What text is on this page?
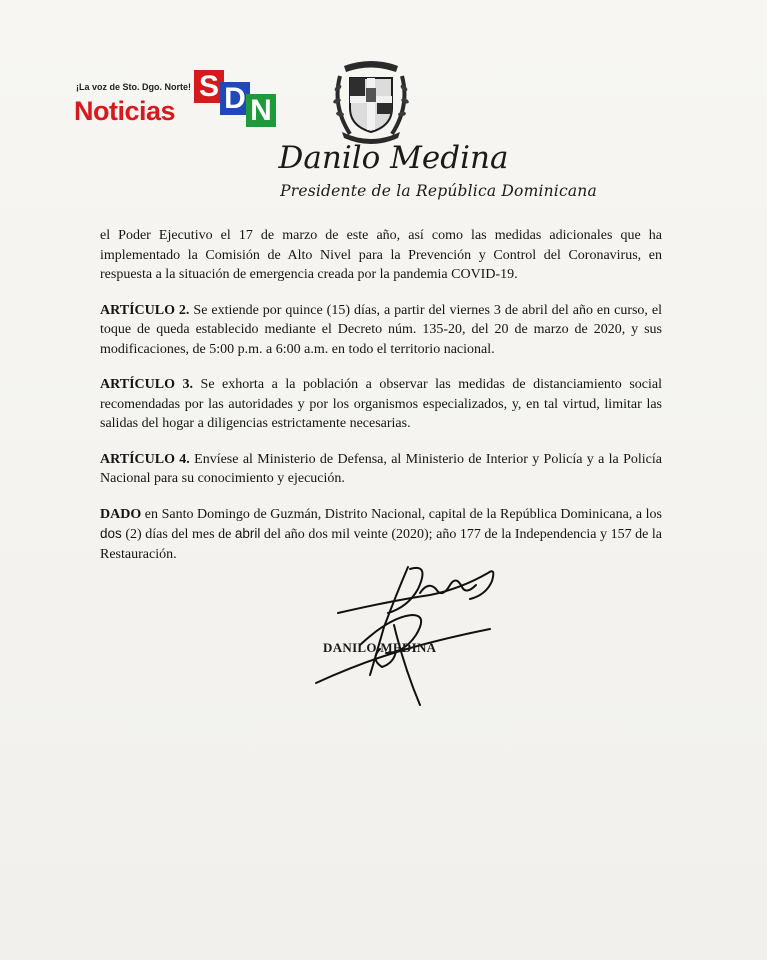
S D N
¡La voz de Sto. Dgo. Norte!
Noticias
Danilo Medina
Presidente de la República Dominicana

el Poder Ejecutivo el 17 de marzo de este año, así como las medidas adicionales que ha implementado la Comisión de Alto Nivel para la Prevención y Control del Coronavirus, en respuesta a la situación de emergencia creada por la pandemia COVID-19.

ARTÍCULO 2. Se extiende por quince (15) días, a partir del viernes 3 de abril del año en curso, el toque de queda establecido mediante el Decreto núm. 135-20, del 20 de marzo de 2020, y sus modificaciones, de 5:00 p.m. a 6:00 a.m. en todo el territorio nacional.

ARTÍCULO 3. Se exhorta a la población a observar las medidas de distanciamiento social recomendadas por las autoridades y por los organismos especializados, y, en tal virtud, limitar las salidas del hogar a diligencias estrictamente necesarias.

ARTÍCULO 4. Envíese al Ministerio de Defensa, al Ministerio de Interior y Policía y a la Policía Nacional para su conocimiento y ejecución.

DADO en Santo Domingo de Guzmán, Distrito Nacional, capital de la República Dominicana, a los dos (2) días del mes de abril del año dos mil veinte (2020); año 177 de la Independencia y 157 de la Restauración.

DANILO MEDINA
